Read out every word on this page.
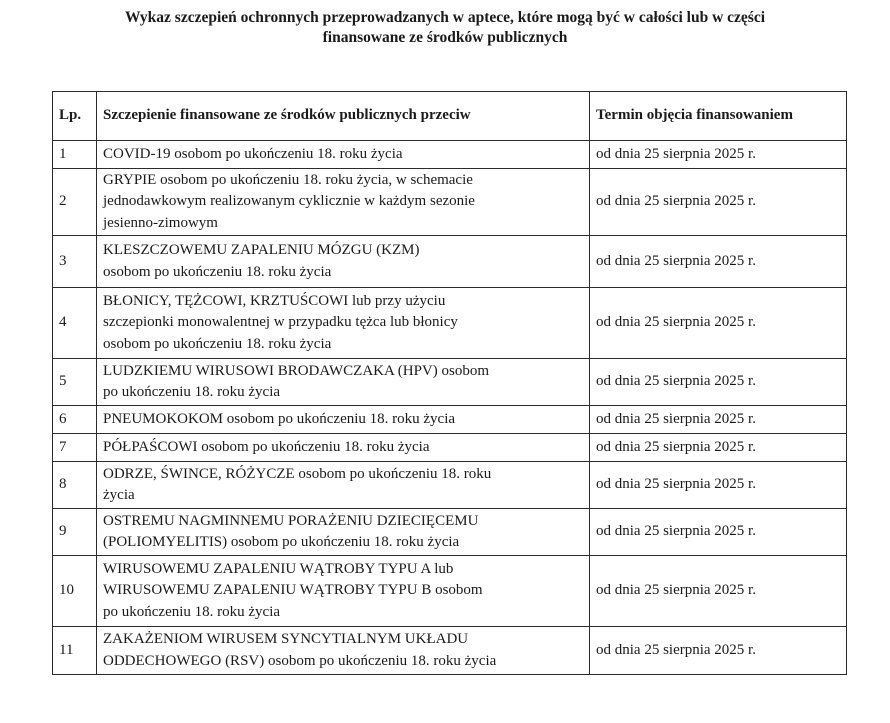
Wykaz szczepień ochronnych przeprowadzanych w aptece, które mogą być w całości lub w części
finansowane ze środków publicznych
Lp.	Szczepienie finansowane ze środków publicznych przeciw	Termin objęcia finansowaniem
1	COVID-19 osobom po ukończeniu 18. roku życia	od dnia 25 sierpnia 2025 r.
2	GRYPIE osobom po ukończeniu 18. roku życia, w schemacie
jednodawkowym realizowanym cyklicznie w każdym sezonie
jesienno-zimowym	od dnia 25 sierpnia 2025 r.
3	KLESZCZOWEMU ZAPALENIU MÓZGU (KZM)
osobom po ukończeniu 18. roku życia	od dnia 25 sierpnia 2025 r.
4	BŁONICY, TĘŻCOWI, KRZTUŚCOWI lub przy użyciu
szczepionki monowalentnej w przypadku tężca lub błonicy
osobom po ukończeniu 18. roku życia	od dnia 25 sierpnia 2025 r.
5	LUDZKIEMU WIRUSOWI BRODAWCZAKA (HPV) osobom
po ukończeniu 18. roku życia	od dnia 25 sierpnia 2025 r.
6	PNEUMOKOKOM osobom po ukończeniu 18. roku życia	od dnia 25 sierpnia 2025 r.
7	PÓŁPAŚCOWI osobom po ukończeniu 18. roku życia	od dnia 25 sierpnia 2025 r.
8	ODRZE, ŚWINCE, RÓŻYCZE osobom po ukończeniu 18. roku
życia	od dnia 25 sierpnia 2025 r.
9	OSTREMU NAGMINNEMU PORAŻENIU DZIECIĘCEMU
(POLIOMYELITIS) osobom po ukończeniu 18. roku życia	od dnia 25 sierpnia 2025 r.
10	WIRUSOWEMU ZAPALENIU WĄTROBY TYPU A lub
WIRUSOWEMU ZAPALENIU WĄTROBY TYPU B osobom
po ukończeniu 18. roku życia	od dnia 25 sierpnia 2025 r.
11	ZAKAŻENIOM WIRUSEM SYNCYTIALNYM UKŁADU
ODDECHOWEGO (RSV) osobom po ukończeniu 18. roku życia	od dnia 25 sierpnia 2025 r.
